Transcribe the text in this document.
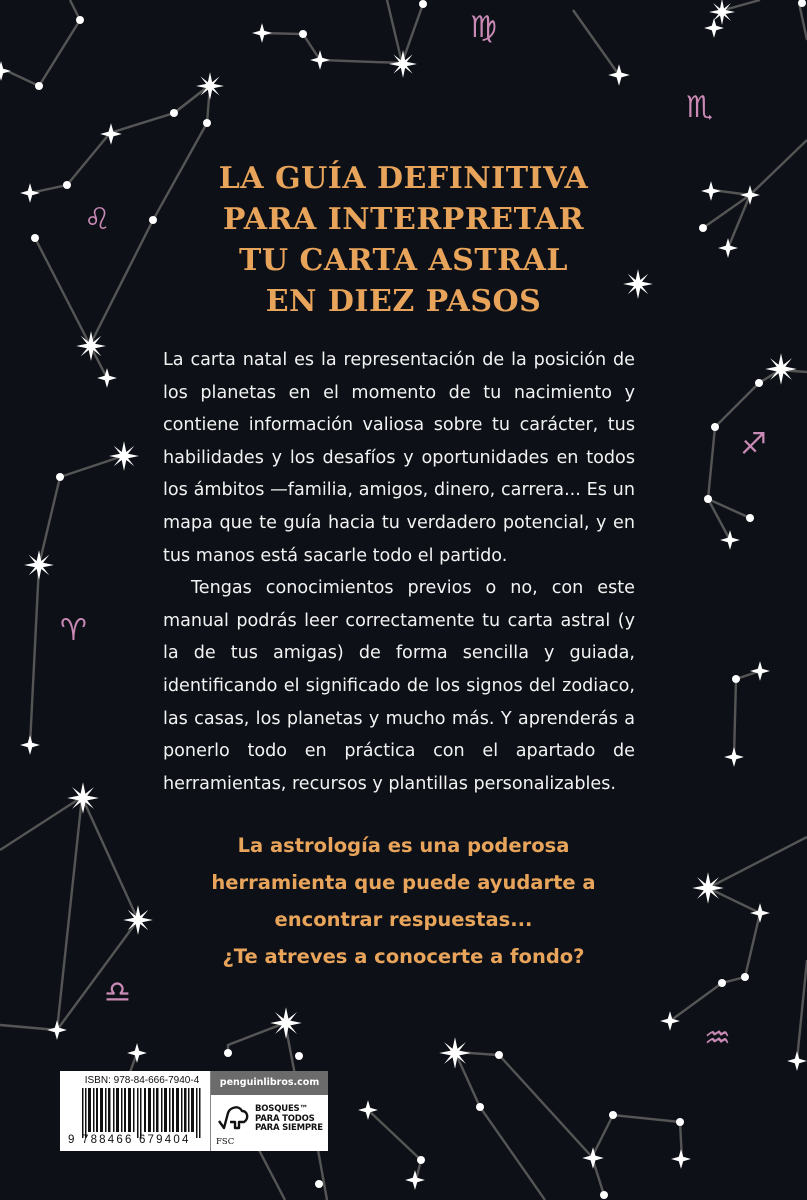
♍
♏
♌
♐
♈
♎
♒
LA GUÍA DEFINITIVA
PARA INTERPRETAR
TU CARTA ASTRAL
EN DIEZ PASOS

La carta natal es la representación de la posición de los planetas en el momento de tu nacimiento y contiene información valiosa sobre tu carácter, tus habilidades y los desafíos y oportunidades en todos los ámbitos —familia, amigos, dinero, carrera... Es un mapa que te guía hacia tu verdadero potencial, y en tus manos está sacarle todo el partido.

Tengas conocimientos previos o no, con este manual podrás leer correctamente tu carta astral (y la de tus amigas) de forma sencilla y guiada, identificando el significado de los signos del zodiaco, las casas, los planetas y mucho más. Y aprenderás a ponerlo todo en práctica con el apartado de herramientas, recursos y plantillas personalizables.

La astrología es una poderosa
herramienta que puede ayudarte a
encontrar respuestas...
¿Te atreves a conocerte a fondo?
ISBN: 978-84-666-7940-4
9 788466 679404
penguinlibros.com
FSC
BOSQUES™
PARA TODOS
PARA SIEMPRE
